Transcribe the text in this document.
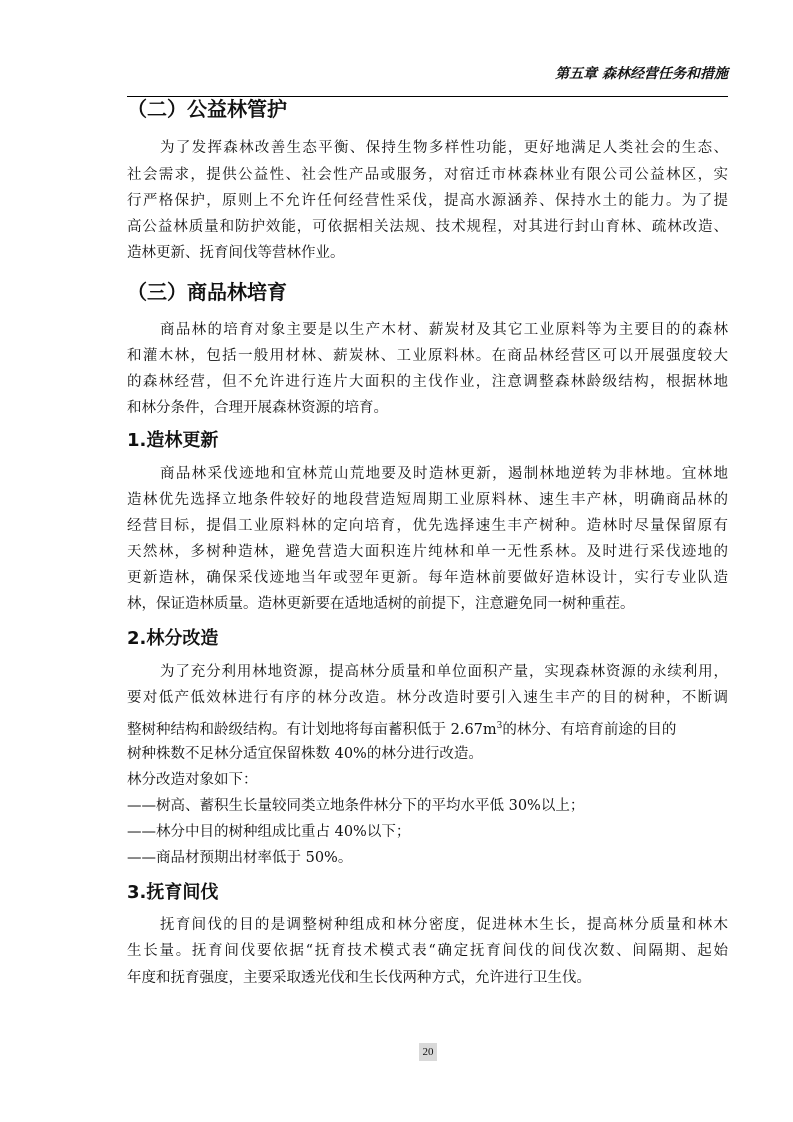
第五章 森林经营任务和措施
（二）公益林管护
为了发挥森林改善生态平衡、保持生物多样性功能，更好地满足人类社会的生态、
社会需求，提供公益性、社会性产品或服务，对宿迁市林森林业有限公司公益林区，实
行严格保护，原则上不允许任何经营性采伐，提高水源涵养、保持水土的能力。为了提
高公益林质量和防护效能，可依据相关法规、技术规程，对其进行封山育林、疏林改造、
造林更新、抚育间伐等营林作业。
（三）商品林培育
商品林的培育对象主要是以生产木材、薪炭材及其它工业原料等为主要目的的森林
和灌木林，包括一般用材林、薪炭林、工业原料林。在商品林经营区可以开展强度较大
的森林经营，但不允许进行连片大面积的主伐作业，注意调整森林龄级结构，根据林地
和林分条件，合理开展森林资源的培育。
1.造林更新
商品林采伐迹地和宜林荒山荒地要及时造林更新，遏制林地逆转为非林地。宜林地
造林优先选择立地条件较好的地段营造短周期工业原料林、速生丰产林，明确商品林的
经营目标，提倡工业原料林的定向培育，优先选择速生丰产树种。造林时尽量保留原有
天然林，多树种造林，避免营造大面积连片纯林和单一无性系林。及时进行采伐迹地的
更新造林，确保采伐迹地当年或翌年更新。每年造林前要做好造林设计，实行专业队造
林，保证造林质量。造林更新要在适地适树的前提下，注意避免同一树种重茬。
2.林分改造
为了充分利用林地资源，提高林分质量和单位面积产量，实现森林资源的永续利用，
要对低产低效林进行有序的林分改造。林分改造时要引入速生丰产的目的树种，不断调
整树种结构和龄级结构。有计划地将每亩蓄积低于 $2.67m^3$的林分、有培育前途的目的
树种株数不足林分适宜保留株数 40%的林分进行改造。
林分改造对象如下：
——树高、蓄积生长量较同类立地条件林分下的平均水平低 30%以上；
——林分中目的树种组成比重占 40%以下；
——商品材预期出材率低于 50%。
3.抚育间伐
抚育间伐的目的是调整树种组成和林分密度，促进林木生长，提高林分质量和林木
生长量。抚育间伐要依据“抚育技术模式表“确定抚育间伐的间伐次数、间隔期、起始
年度和抚育强度，主要采取透光伐和生长伐两种方式，允许进行卫生伐。
20
